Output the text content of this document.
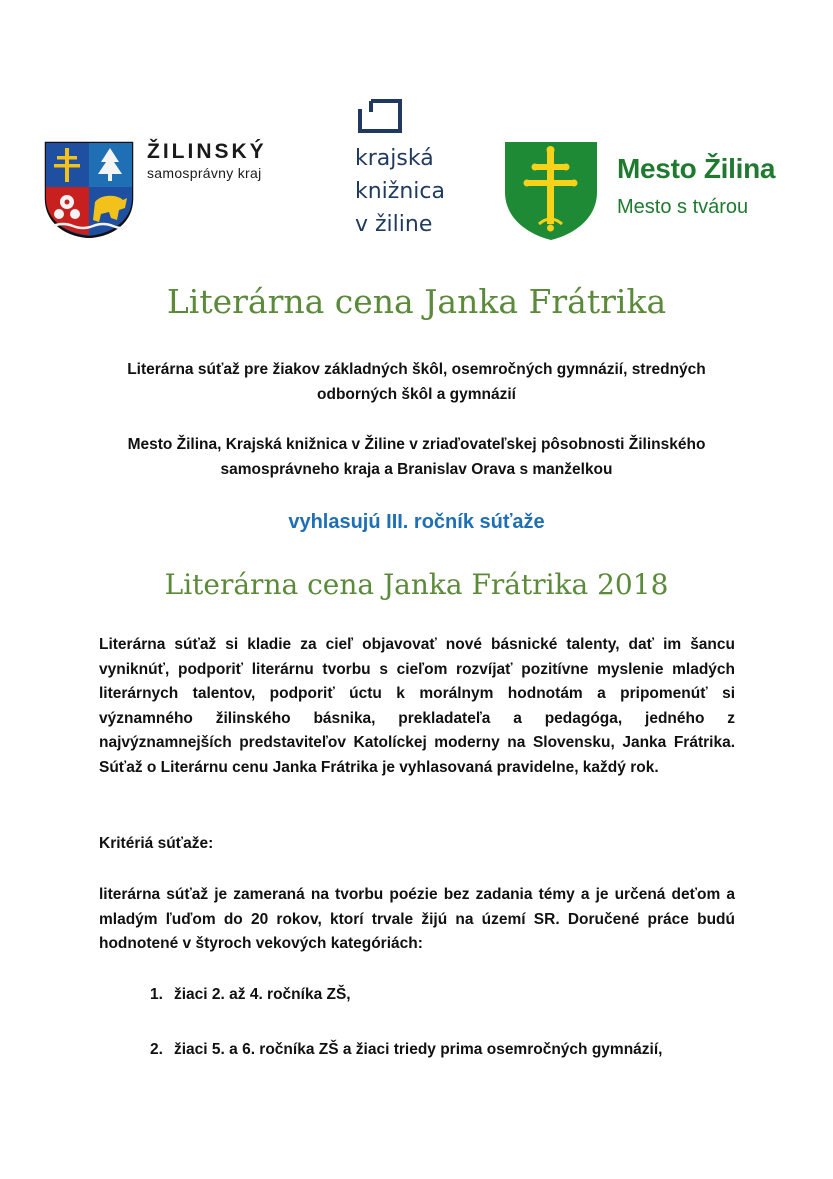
ŽILINSKÝ
samosprávny kraj
krajská
knižnica
v žiline
Mesto Žilina
Mesto s tvárou
Literárna cena Janka Frátrika
Literárna súťaž pre žiakov základných škôl, osemročných gymnázií, stredných odborných škôl a gymnázií
Mesto Žilina, Krajská knižnica v Žiline v zriaďovateľskej pôsobnosti Žilinského samosprávneho kraja a Branislav Orava s manželkou
vyhlasujú III. ročník súťaže
Literárna cena Janka Frátrika 2018
Literárna súťaž si kladie za cieľ objavovať nové básnické talenty, dať im šancu vyniknúť, podporiť literárnu tvorbu s cieľom rozvíjať pozitívne myslenie mladých literárnych talentov, podporiť úctu k morálnym hodnotám a pripomenúť si významného žilinského básnika, prekladateľa a pedagóga, jedného z najvýznamnejších predstaviteľov Katolíckej moderny na Slovensku, Janka Frátrika. Súťaž o Literárnu cenu Janka Frátrika je vyhlasovaná pravidelne, každý rok.
Kritériá súťaže:
literárna súťaž je zameraná na tvorbu poézie bez zadania témy a je určená deťom a mladým ľuďom do 20 rokov, ktorí trvale žijú na území SR. Doručené práce budú hodnotené v štyroch vekových kategóriách:
1. žiaci 2. až 4. ročníka ZŠ,
2. žiaci 5. a 6. ročníka ZŠ a žiaci triedy prima osemročných gymnázií,
